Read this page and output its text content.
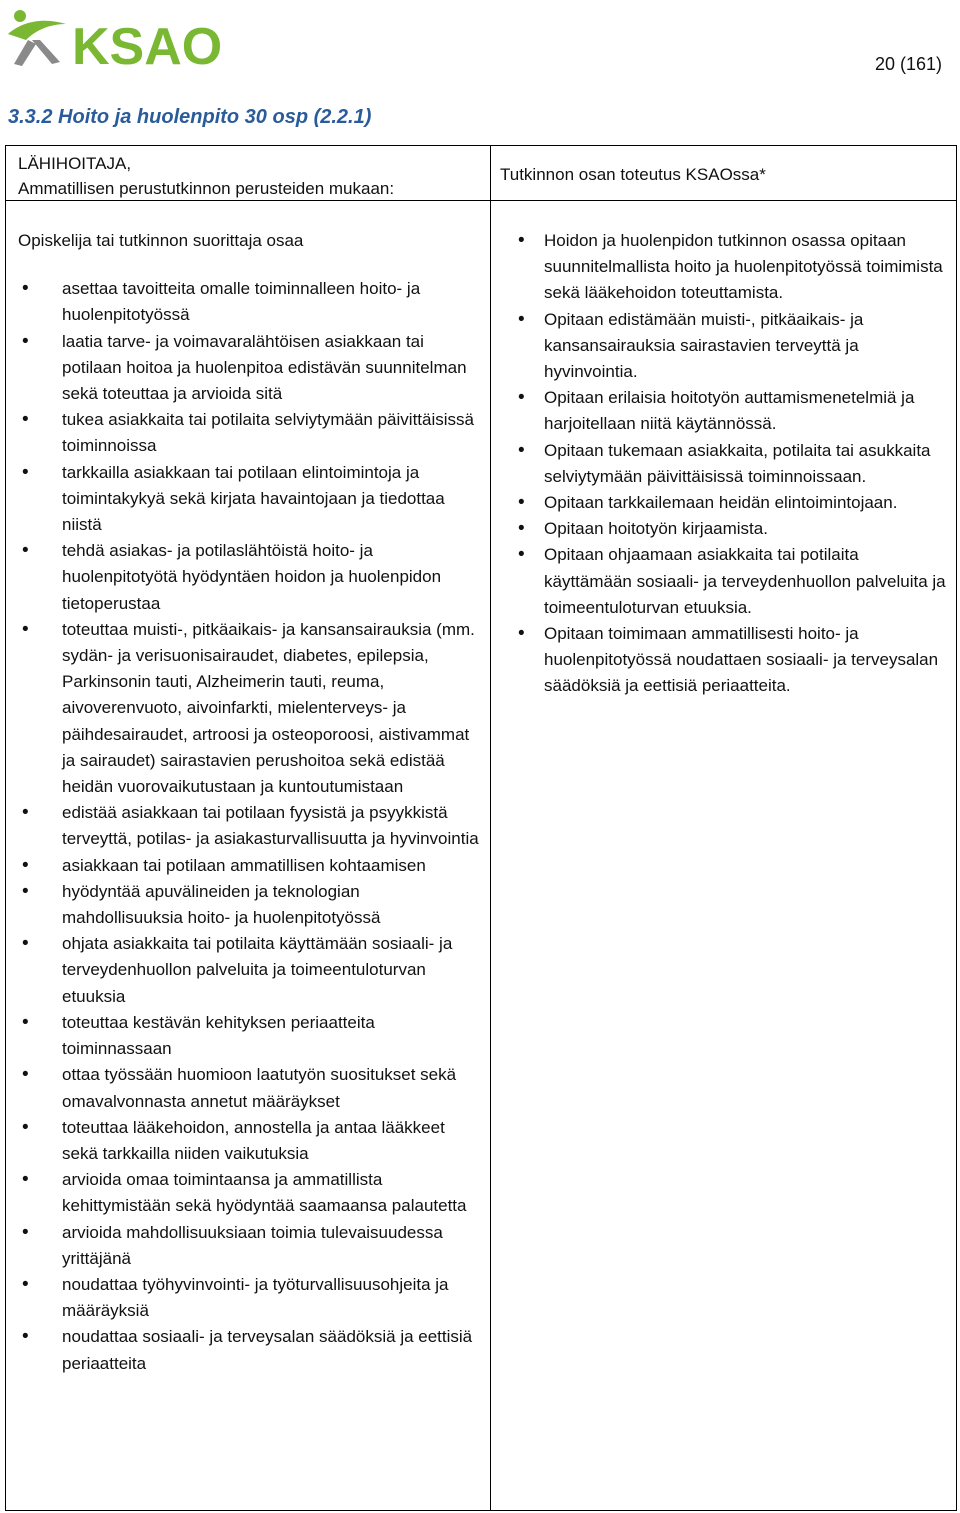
KSAO	20 (161)
3.3.2 Hoito ja huolenpito 30 osp (2.2.1)
LÄHIHOITAJA,
Ammatillisen perustutkinnon perusteiden mukaan:
Tutkinnon osan toteutus KSAOssa*

Opiskelija tai tutkinnon suorittaja osaa

• asettaa tavoitteita omalle toiminnalleen hoito- ja huolenpitotyössä
• laatia tarve- ja voimavaralähtöisen asiakkaan tai potilaan hoitoa ja huolenpitoa edistävän suunnitelman sekä toteuttaa ja arvioida sitä
• tukea asiakkaita tai potilaita selviytymään päivittäisissä toiminnoissa
• tarkkailla asiakkaan tai potilaan elintoimintoja ja toimintakykyä sekä kirjata havaintojaan ja tiedottaa niistä
• tehdä asiakas- ja potilaslähtöistä hoito- ja huolenpitotyötä hyödyntäen hoidon ja huolenpidon tietoperustaa
• toteuttaa muisti-, pitkäaikais- ja kansansairauksia (mm. sydän- ja verisuonisairaudet, diabetes, epilepsia, Parkinsonin tauti, Alzheimerin tauti, reuma, aivoverenvuoto, aivoinfarkti, mielenterveys- ja päihdesairaudet, artroosi ja osteoporoosi, aistivammat ja sairaudet) sairastavien perushoitoa sekä edistää heidän vuorovaikutustaan ja kuntoutumistaan
• edistää asiakkaan tai potilaan fyysistä ja psyykkistä terveyttä, potilas- ja asiakasturvallisuutta ja hyvinvointia
• asiakkaan tai potilaan ammatillisen kohtaamisen
• hyödyntää apuvälineiden ja teknologian mahdollisuuksia hoito- ja huolenpitotyössä
• ohjata asiakkaita tai potilaita käyttämään sosiaali- ja terveydenhuollon palveluita ja toimeentuloturvan etuuksia
• toteuttaa kestävän kehityksen periaatteita toiminnassaan
• ottaa työssään huomioon laatutyön suositukset sekä omavalvonnasta annetut määräykset
• toteuttaa lääkehoidon, annostella ja antaa lääkkeet sekä tarkkailla niiden vaikutuksia
• arvioida omaa toimintaansa ja ammatillista kehittymistään sekä hyödyntää saamaansa palautetta
• arvioida mahdollisuuksiaan toimia tulevaisuudessa yrittäjänä
• noudattaa työhyvinvointi- ja työturvallisuusohjeita ja määräyksiä
• noudattaa sosiaali- ja terveysalan säädöksiä ja eettisiä periaatteita
• Hoidon ja huolenpidon tutkinnon osassa opitaan suunnitelmallista hoito ja huolenpitotyössä toimimista sekä lääkehoidon toteuttamista.
• Opitaan edistämään muisti-, pitkäaikais- ja kansansairauksia sairastavien terveyttä ja hyvinvointia.
• Opitaan erilaisia hoitotyön auttamismenetelmiä ja harjoitellaan niitä käytännössä.
• Opitaan tukemaan asiakkaita, potilaita tai asukkaita selviytymään päivittäisissä toiminnoissaan.
• Opitaan tarkkailemaan heidän elintoimintojaan.
• Opitaan hoitotyön kirjaamista.
• Opitaan ohjaamaan asiakkaita tai potilaita käyttämään sosiaali- ja terveydenhuollon palveluita ja toimeentuloturvan etuuksia.
• Opitaan toimimaan ammatillisesti hoito- ja huolenpitotyössä noudattaen sosiaali- ja terveysalan säädöksiä ja eettisiä periaatteita.
